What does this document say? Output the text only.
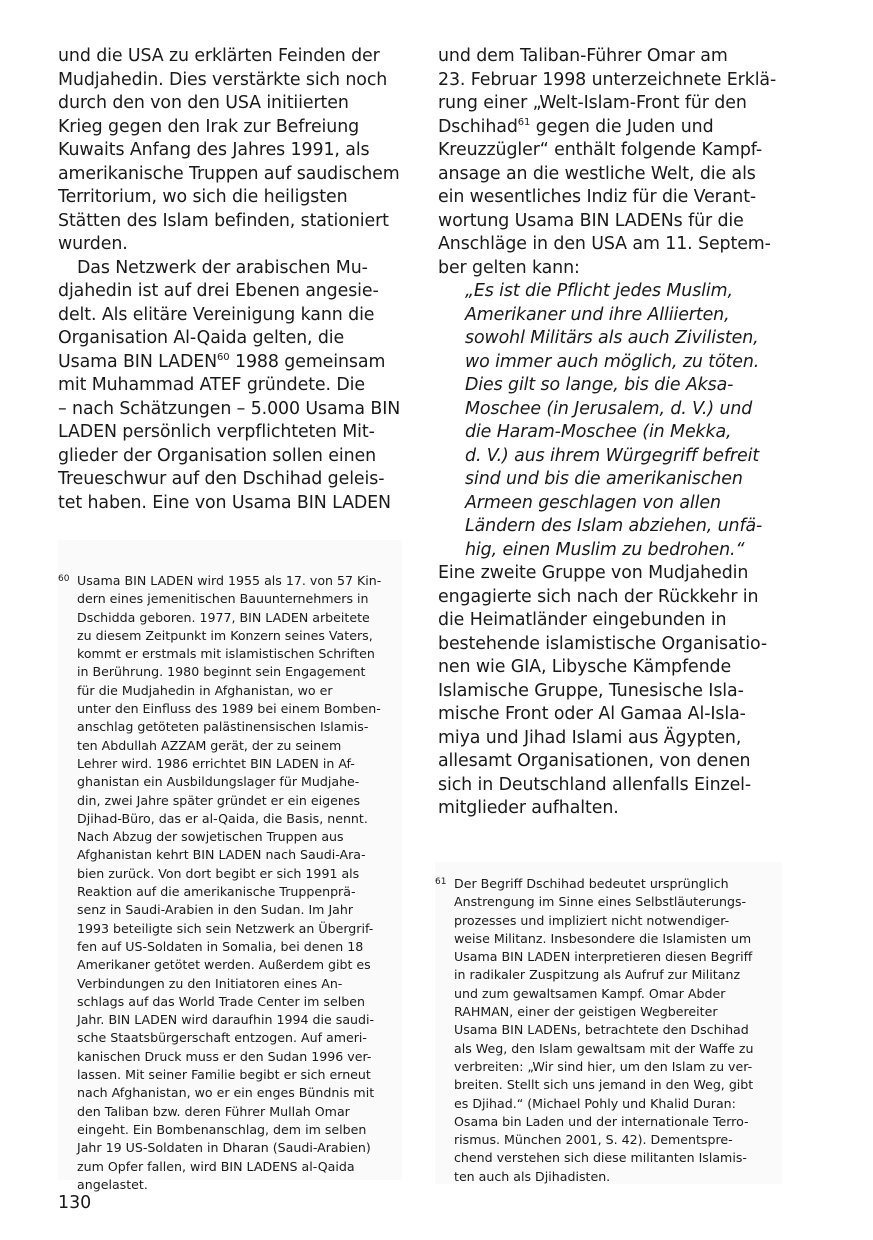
und die USA zu erklärten Feinden der
Mudjahedin. Dies verstärkte sich noch
durch den von den USA initiierten
Krieg gegen den Irak zur Befreiung
Kuwaits Anfang des Jahres 1991, als
amerikanische Truppen auf saudischem
Territorium, wo sich die heiligsten
Stätten des Islam befinden, stationiert
wurden.
Das Netzwerk der arabischen Mu-
djahedin ist auf drei Ebenen angesie-
delt. Als elitäre Vereinigung kann die
Organisation Al-Qaida gelten, die
Usama BIN LADEN$^{60}$ 1988 gemeinsam
mit Muhammad ATEF gründete. Die
– nach Schätzungen – 5.000 Usama BIN
LADEN persönlich verpflichteten Mit-
glieder der Organisation sollen einen
Treueschwur auf den Dschihad geleis-
tet haben. Eine von Usama BIN LADEN
und dem Taliban-Führer Omar am
23. Februar 1998 unterzeichnete Erklä-
rung einer „Welt-Islam-Front für den
Dschihad$^{61}$ gegen die Juden und
Kreuzzügler“ enthält folgende Kampf-
ansage an die westliche Welt, die als
ein wesentliches Indiz für die Verant-
wortung Usama BIN LADENs für die
Anschläge in den USA am 11. Septem-
ber gelten kann:
„Es ist die Pflicht jedes Muslim,
Amerikaner und ihre Alliierten,
sowohl Militärs als auch Zivilisten,
wo immer auch möglich, zu töten.
Dies gilt so lange, bis die Aksa-
Moschee (in Jerusalem, d. V.) und
die Haram-Moschee (in Mekka,
d. V.) aus ihrem Würgegriff befreit
sind und bis die amerikanischen
Armeen geschlagen von allen
Ländern des Islam abziehen, unfä-
hig, einen Muslim zu bedrohen.“
Eine zweite Gruppe von Mudjahedin
engagierte sich nach der Rückkehr in
die Heimatländer eingebunden in
bestehende islamistische Organisatio-
nen wie GIA, Libysche Kämpfende
Islamische Gruppe, Tunesische Isla-
mische Front oder Al Gamaa Al-Isla-
miya und Jihad Islami aus Ägypten,
allesamt Organisationen, von denen
sich in Deutschland allenfalls Einzel-
mitglieder aufhalten.
60 Usama BIN LADEN wird 1955 als 17. von 57 Kin-
dern eines jemenitischen Bauunternehmers in
Dschidda geboren. 1977, BIN LADEN arbeitete
zu diesem Zeitpunkt im Konzern seines Vaters,
kommt er erstmals mit islamistischen Schriften
in Berührung. 1980 beginnt sein Engagement
für die Mudjahedin in Afghanistan, wo er
unter den Einfluss des 1989 bei einem Bomben-
anschlag getöteten palästinensischen Islamis-
ten Abdullah AZZAM gerät, der zu seinem
Lehrer wird. 1986 errichtet BIN LADEN in Af-
ghanistan ein Ausbildungslager für Mudjahe-
din, zwei Jahre später gründet er ein eigenes
Djihad-Büro, das er al-Qaida, die Basis, nennt.
Nach Abzug der sowjetischen Truppen aus
Afghanistan kehrt BIN LADEN nach Saudi-Ara-
bien zurück. Von dort begibt er sich 1991 als
Reaktion auf die amerikanische Truppenprä-
senz in Saudi-Arabien in den Sudan. Im Jahr
1993 beteiligte sich sein Netzwerk an Übergrif-
fen auf US-Soldaten in Somalia, bei denen 18
Amerikaner getötet werden. Außerdem gibt es
Verbindungen zu den Initiatoren eines An-
schlags auf das World Trade Center im selben
Jahr. BIN LADEN wird daraufhin 1994 die saudi-
sche Staatsbürgerschaft entzogen. Auf ameri-
kanischen Druck muss er den Sudan 1996 ver-
lassen. Mit seiner Familie begibt er sich erneut
nach Afghanistan, wo er ein enges Bündnis mit
den Taliban bzw. deren Führer Mullah Omar
eingeht. Ein Bombenanschlag, dem im selben
Jahr 19 US-Soldaten in Dharan (Saudi-Arabien)
zum Opfer fallen, wird BIN LADENS al-Qaida
angelastet.
61 Der Begriff Dschihad bedeutet ursprünglich
Anstrengung im Sinne eines Selbstläuterungs-
prozesses und impliziert nicht notwendiger-
weise Militanz. Insbesondere die Islamisten um
Usama BIN LADEN interpretieren diesen Begriff
in radikaler Zuspitzung als Aufruf zur Militanz
und zum gewaltsamen Kampf. Omar Abder
RAHMAN, einer der geistigen Wegbereiter
Usama BIN LADENs, betrachtete den Dschihad
als Weg, den Islam gewaltsam mit der Waffe zu
verbreiten: „Wir sind hier, um den Islam zu ver-
breiten. Stellt sich uns jemand in den Weg, gibt
es Djihad.“ (Michael Pohly und Khalid Duran:
Osama bin Laden und der internationale Terro-
rismus. München 2001, S. 42). Dementspre-
chend verstehen sich diese militanten Islamis-
ten auch als Djihadisten.
130
